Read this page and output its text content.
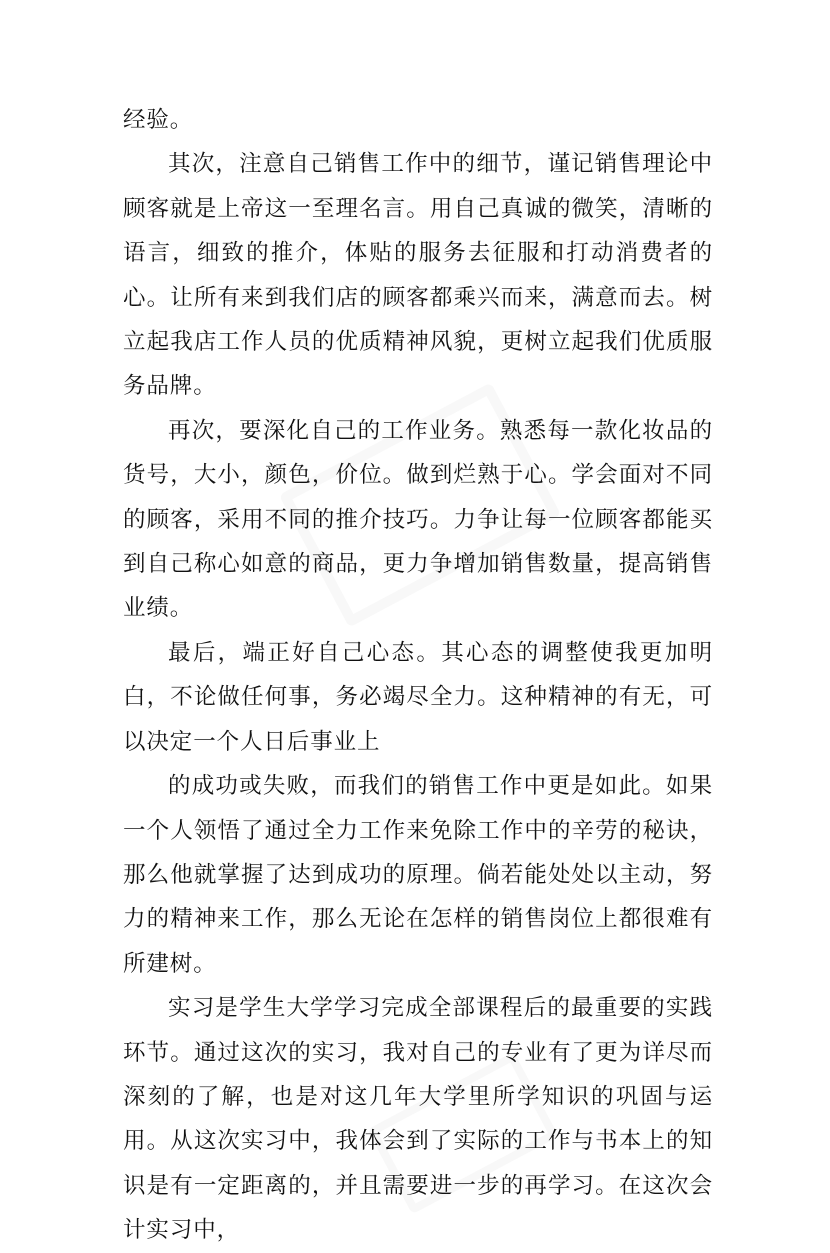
经验。

其次，注意自己销售工作中的细节，谨记销售理论中顾客就是上帝这一至理名言。用自己真诚的微笑，清晰的语言，细致的推介，体贴的服务去征服和打动消费者的心。让所有来到我们店的顾客都乘兴而来，满意而去。树立起我店工作人员的优质精神风貌，更树立起我们优质服务品牌。

再次，要深化自己的工作业务。熟悉每一款化妆品的货号，大小，颜色，价位。做到烂熟于心。学会面对不同的顾客，采用不同的推介技巧。力争让每一位顾客都能买到自己称心如意的商品，更力争增加销售数量，提高销售业绩。

最后，端正好自己心态。其心态的调整使我更加明白，不论做任何事，务必竭尽全力。这种精神的有无，可以决定一个人日后事业上

的成功或失败，而我们的销售工作中更是如此。如果一个人领悟了通过全力工作来免除工作中的辛劳的秘诀，那么他就掌握了达到成功的原理。倘若能处处以主动，努力的精神来工作，那么无论在怎样的销售岗位上都很难有所建树。

实习是学生大学学习完成全部课程后的最重要的实践环节。通过这次的实习，我对自己的专业有了更为详尽而深刻的了解，也是对这几年大学里所学知识的巩固与运用。从这次实习中，我体会到了实际的工作与书本上的知识是有一定距离的，并且需要进一步的再学习。在这次会计实习中，
